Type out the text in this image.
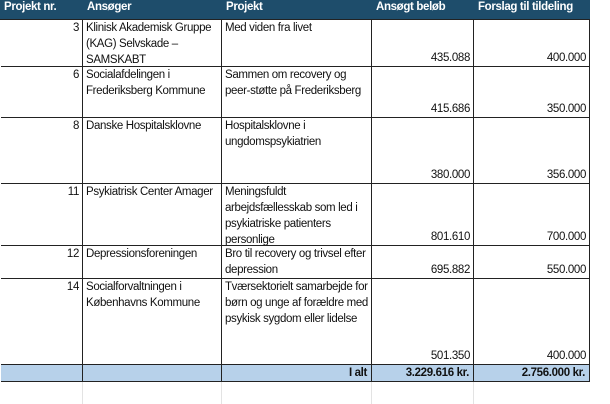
Projekt nr.	Ansøger	Projekt	Ansøgt beløb	Forslag til tildeling

3	Klinisk Akademisk Gruppe (KAG) Selvskade – SAMSKABT	Med viden fra livet	435.088	400.000

6	Socialafdelingen i Frederiksberg Kommune	Sammen om recovery og peer-støtte på Frederiksberg	415.686	350.000

8	Danske Hospitalsklovne	Hospitalsklovne i ungdomspsykiatrien	380.000	356.000

11	Psykiatrisk Center Amager	Meningsfuldt arbejdsfællesskab som led i psykiatriske patienters personlige	801.610	700.000

12	Depressionsforeningen	Bro til recovery og trivsel efter depression	695.882	550.000

14	Socialforvaltningen i Københavns Kommune	Tværsektorielt samarbejde for børn og unge af forældre med psykisk sygdom eller lidelse	501.350	400.000

		I alt	3.229.616 kr.	2.756.000 kr.
